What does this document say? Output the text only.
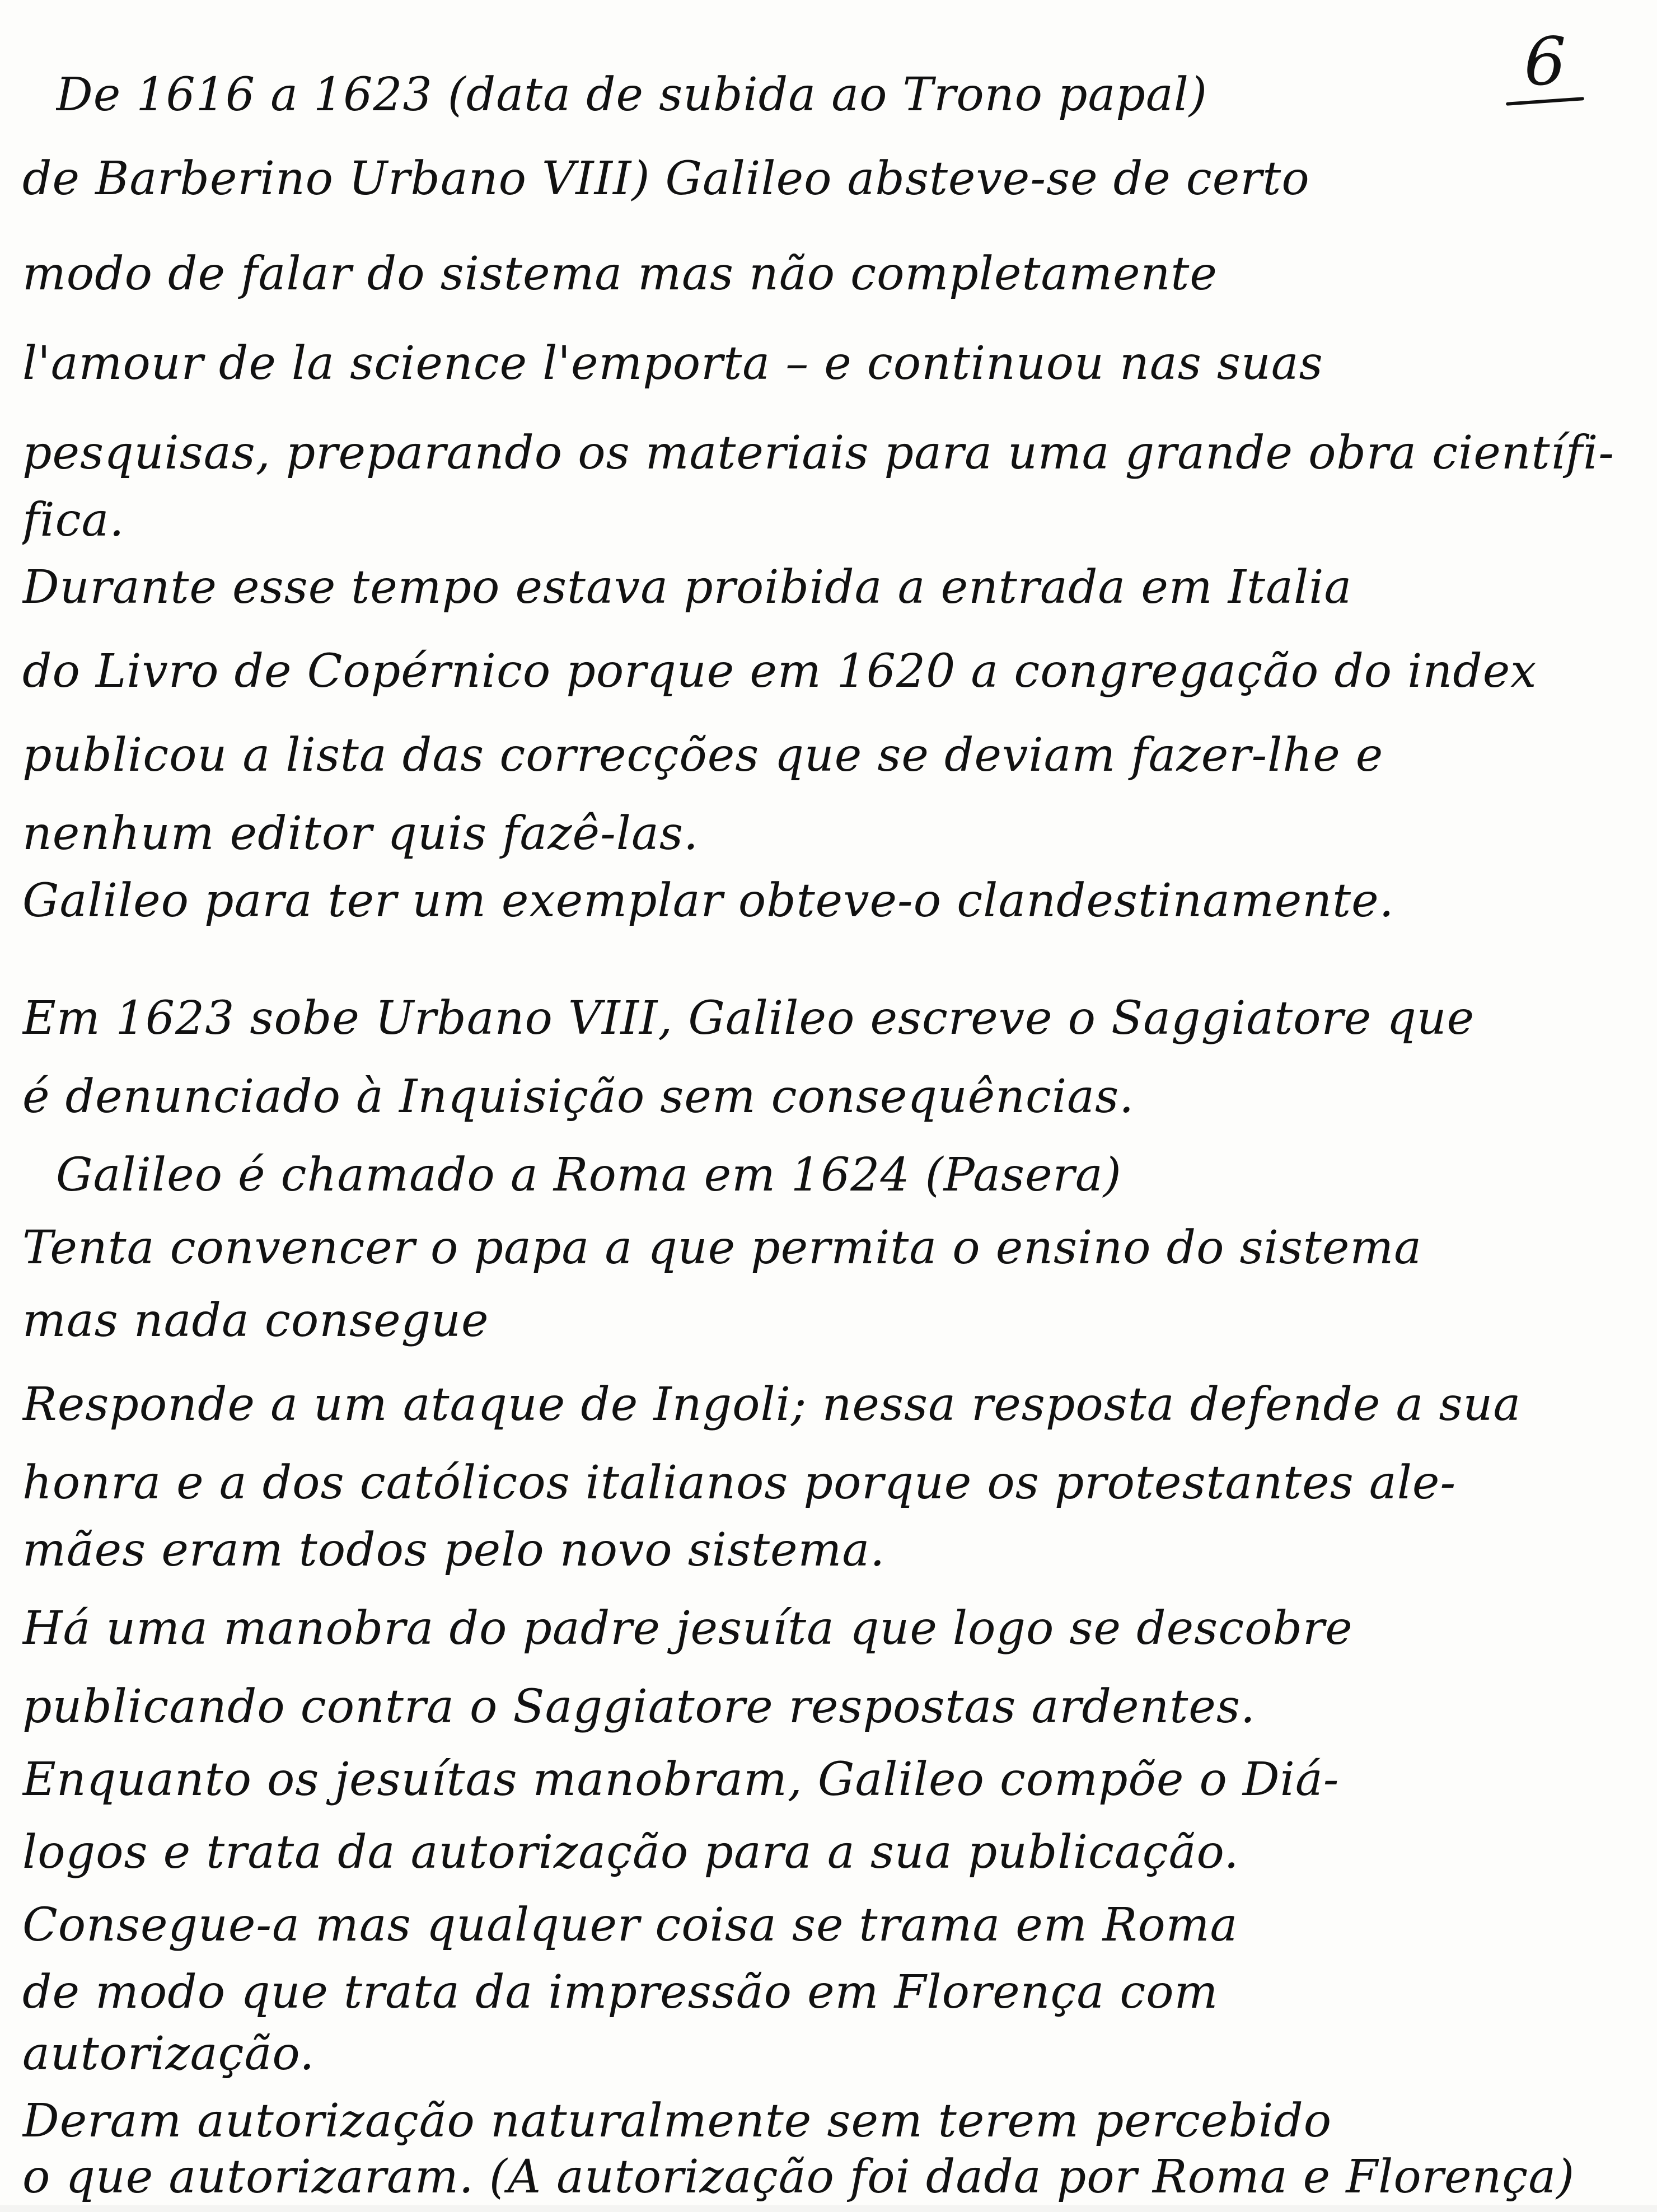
6
De 1616 a 1623 (data de subida ao Trono papal)
de Barberino Urbano VIII) Galileo absteve-se de certo
modo de falar do sistema mas não completamente
l'amour de la science l'emporta – e continuou nas suas
pesquisas, preparando os materiais para uma grande obra científi-
fica.
Durante esse tempo estava proibida a entrada em Italia
do Livro de Copérnico porque em 1620 a congregação do index
publicou a lista das correcções que se deviam fazer-lhe e
nenhum editor quis fazê-las.
Galileo para ter um exemplar obteve-o clandestinamente.
Em 1623 sobe Urbano VIII, Galileo escreve o Saggiatore que
é denunciado à Inquisição sem consequências.
Galileo é chamado a Roma em 1624 (Pasera)
Tenta convencer o papa a que permita o ensino do sistema
mas nada consegue
Responde a um ataque de Ingoli; nessa resposta defende a sua
honra e a dos católicos italianos porque os protestantes ale-
mães eram todos pelo novo sistema.
Há uma manobra do padre jesuíta que logo se descobre
publicando contra o Saggiatore respostas ardentes.
Enquanto os jesuítas manobram, Galileo compõe o Diá-
logos e trata da autorização para a sua publicação.
Consegue-a mas qualquer coisa se trama em Roma
de modo que trata da impressão em Florença com
autorização.
Deram autorização naturalmente sem terem percebido
o que autorizaram. (A autorização foi dada por Roma e Florença)
